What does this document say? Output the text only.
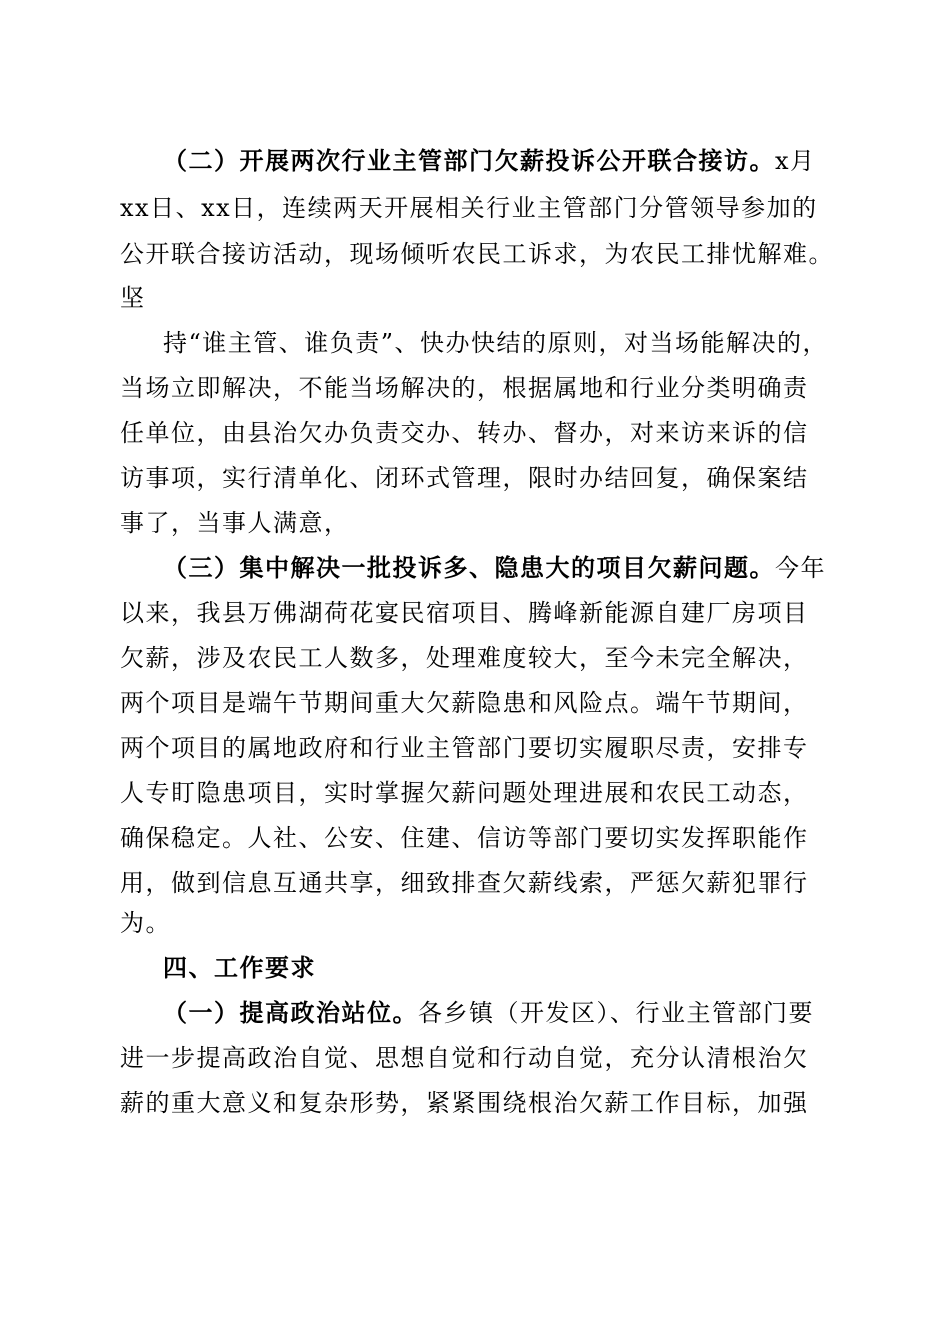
（二）开展两次行业主管部门欠薪投诉公开联合接访。x月
xx日、xx日，连续两天开展相关行业主管部门分管领导参加的
公开联合接访活动，现场倾听农民工诉求，为农民工排忧解难。
坚
持“谁主管、谁负责”、快办快结的原则，对当场能解决的，
当场立即解决，不能当场解决的，根据属地和行业分类明确责
任单位，由县治欠办负责交办、转办、督办，对来访来诉的信
访事项，实行清单化、闭环式管理，限时办结回复，确保案结
事了，当事人满意，
（三）集中解决一批投诉多、隐患大的项目欠薪问题。今年
以来，我县万佛湖荷花宴民宿项目、腾峰新能源自建厂房项目
欠薪，涉及农民工人数多，处理难度较大，至今未完全解决，
两个项目是端午节期间重大欠薪隐患和风险点。端午节期间，
两个项目的属地政府和行业主管部门要切实履职尽责，安排专
人专盯隐患项目，实时掌握欠薪问题处理进展和农民工动态，
确保稳定。人社、公安、住建、信访等部门要切实发挥职能作
用，做到信息互通共享，细致排查欠薪线索，严惩欠薪犯罪行
为。
四、工作要求
（一）提高政治站位。各乡镇（开发区）、行业主管部门要
进一步提高政治自觉、思想自觉和行动自觉，充分认清根治欠
薪的重大意义和复杂形势，紧紧围绕根治欠薪工作目标，加强
